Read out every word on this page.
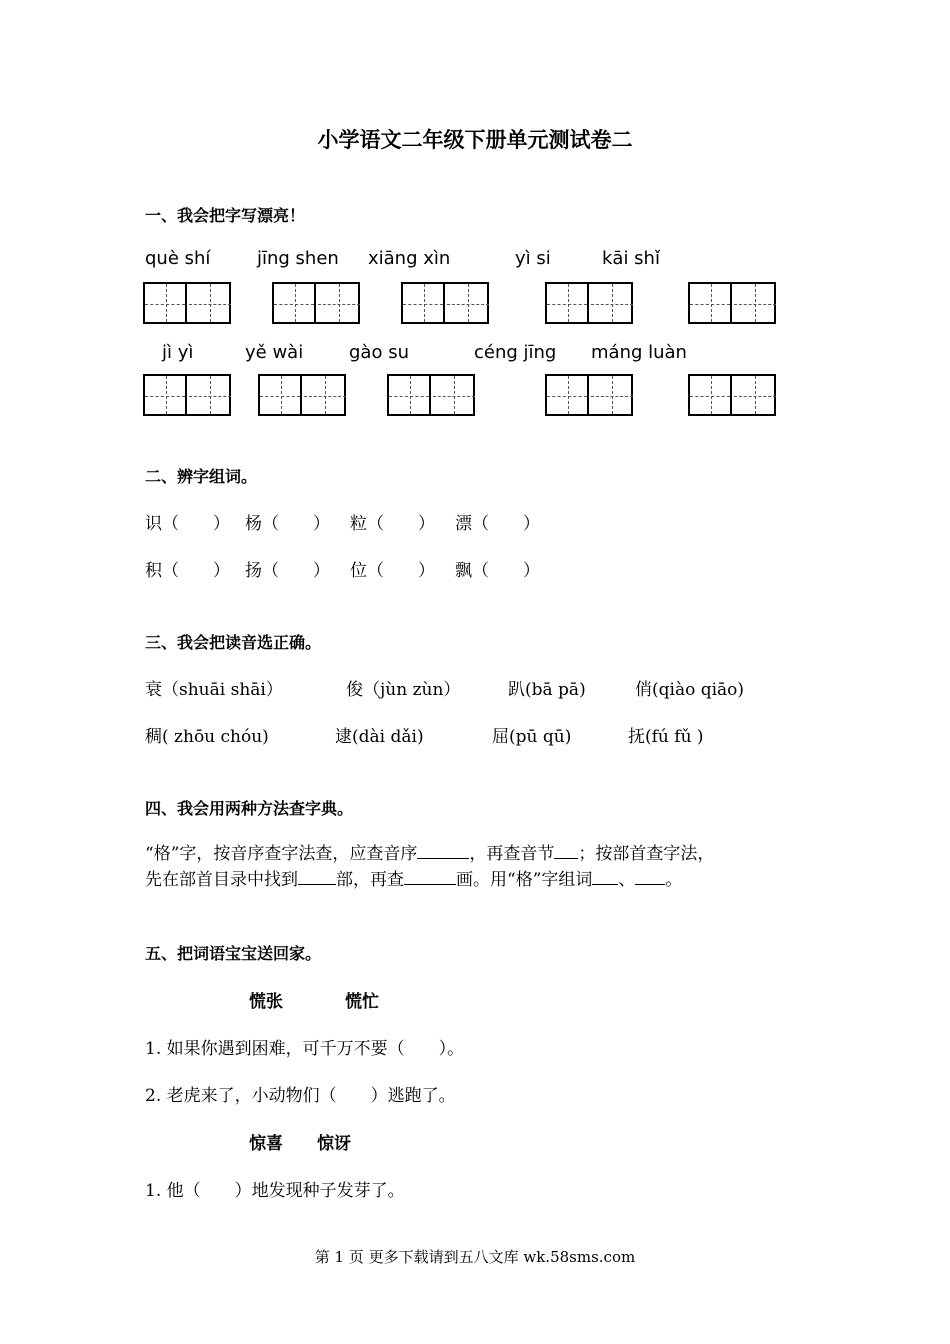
小学语文二年级下册单元测试卷二
一、我会把字写漂亮！
què shí	jīng shen xiāng xìn	yì si	kāi shǐ
jì yì	yě wài	gào su	céng jīng máng luàn
二、辨字组词。
识（　　） 杨（　　） 粒（　　） 漂（　　）
积（　　） 扬（　　） 位（　　） 飘（　　）
三、我会把读音选正确。
衰（shuāi shāi）	俊（jùn zùn）	趴(bā pā)	俏(qiào qiāo)
稠( zhōu chóu)	逮(dài dǎi)	屈(pū qū)	抚(fú fǔ )
四、我会用两种方法查字典。
“格”字，按音序查字法查，应查音序	，再查音节 ；按部首查字法，
先在部首目录中找到 部，再查	画。用“格”字组词 、 。
五、把词语宝宝送回家。
慌张	慌忙
1. 如果你遇到困难，可千万不要（　　）。
2. 老虎来了，小动物们（　　）逃跑了。
惊喜 惊讶
1. 他（　　）地发现种子发芽了。
第 1 页 更多下载请到五八文库 wk.58sms.com
